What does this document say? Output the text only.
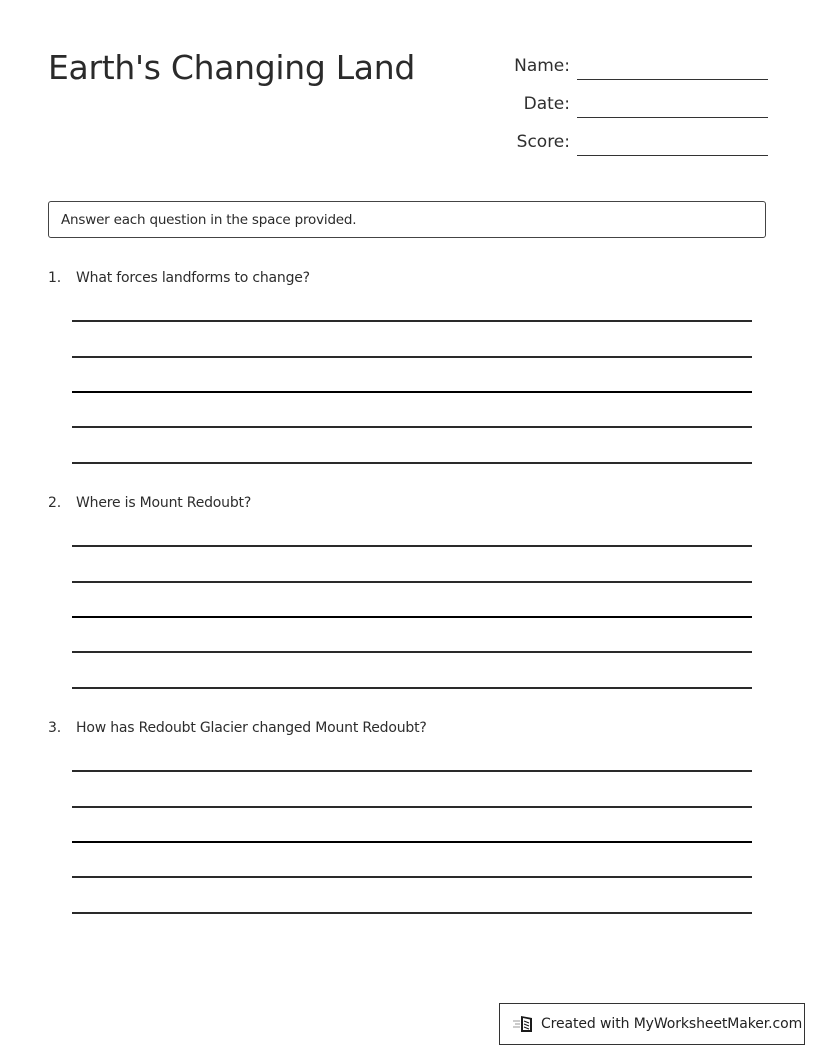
Earth's Changing Land	Name:
Date:
Score:
Answer each question in the space provided.
1. What forces landforms to change?
2. Where is Mount Redoubt?
3. How has Redoubt Glacier changed Mount Redoubt?
Created with MyWorksheetMaker.com
